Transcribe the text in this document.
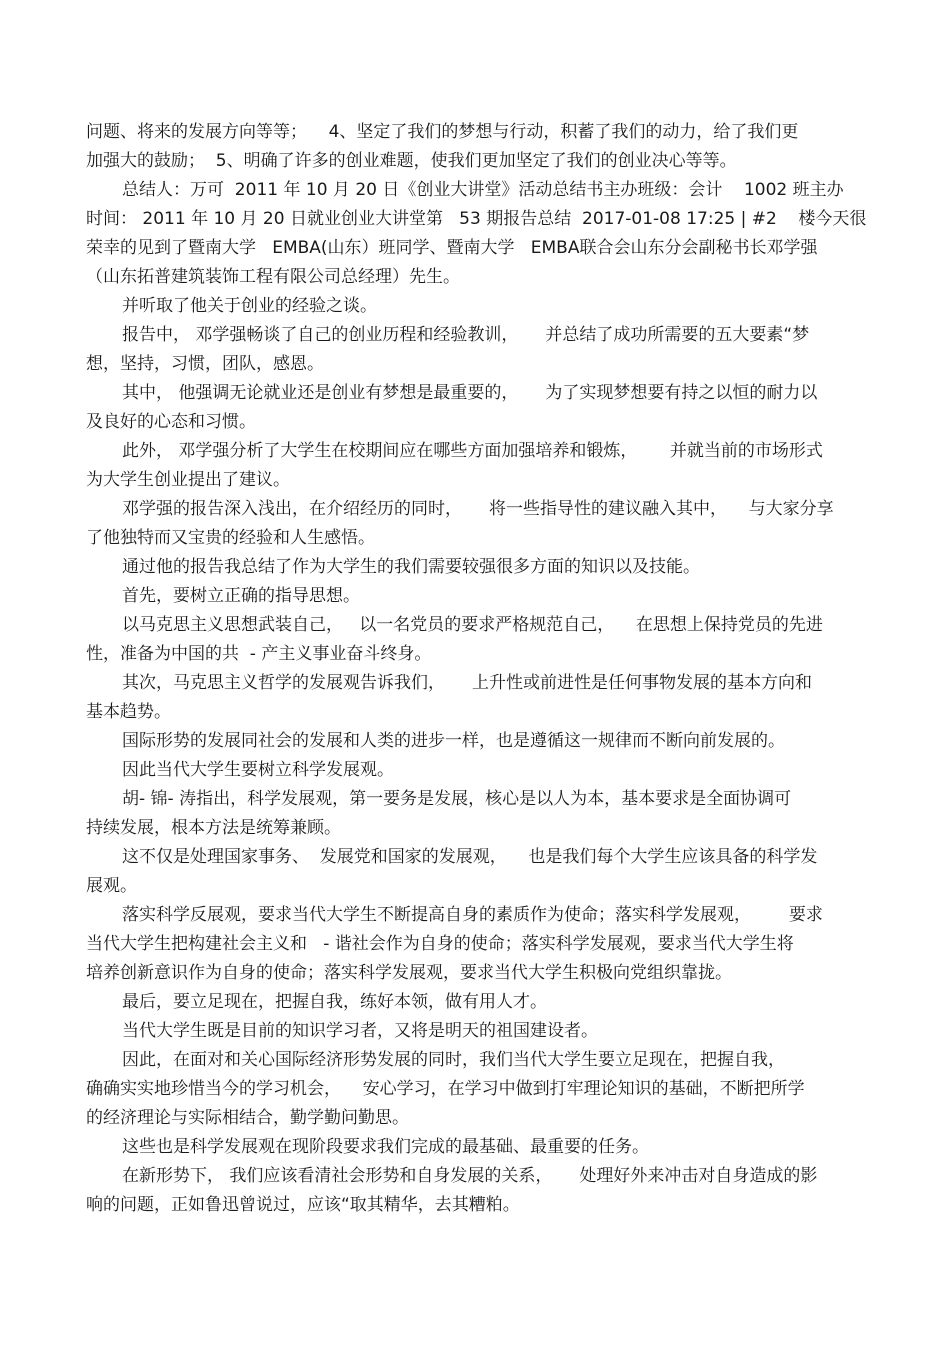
问题、将来的发展方向等等；    4、坚定了我们的梦想与行动，积蓄了我们的动力，给了我们更
加强大的鼓励；  5、明确了许多的创业难题，使我们更加坚定了我们的创业决心等等。
总结人：万可  2011 年 10 月 20 日《创业大讲堂》活动总结书主办班级：会计    1002 班主办
时间： 2011 年 10 月 20 日就业创业大讲堂第   53 期报告总结  2017-01-08 17:25 | #2    楼今天很
荣幸的见到了暨南大学   EMBA(山东）班同学、暨南大学   EMBA联合会山东分会副秘书长邓学强
（山东拓普建筑装饰工程有限公司总经理）先生。
并听取了他关于创业的经验之谈。
报告中， 邓学强畅谈了自己的创业历程和经验教训，     并总结了成功所需要的五大要素“梦
想，坚持，习惯，团队，感恩。
其中， 他强调无论就业还是创业有梦想是最重要的，     为了实现梦想要有持之以恒的耐力以
及良好的心态和习惯。
此外， 邓学强分析了大学生在校期间应在哪些方面加强培养和锻炼，      并就当前的市场形式
为大学生创业提出了建议。
邓学强的报告深入浅出，在介绍经历的同时，     将一些指导性的建议融入其中，    与大家分享
了他独特而又宝贵的经验和人生感悟。
通过他的报告我总结了作为大学生的我们需要较强很多方面的知识以及技能。
首先，要树立正确的指导思想。
以马克思主义思想武装自己，   以一名党员的要求严格规范自己，    在思想上保持党员的先进
性，准备为中国的共  - 产主义事业奋斗终身。
其次，马克思主义哲学的发展观告诉我们，     上升性或前进性是任何事物发展的基本方向和
基本趋势。
国际形势的发展同社会的发展和人类的进步一样，也是遵循这一规律而不断向前发展的。
因此当代大学生要树立科学发展观。
胡- 锦- 涛指出，科学发展观，第一要务是发展，核心是以人为本，基本要求是全面协调可
持续发展，根本方法是统筹兼顾。
这不仅是处理国家事务、  发展党和国家的发展观，    也是我们每个大学生应该具备的科学发
展观。
落实科学反展观，要求当代大学生不断提高自身的素质作为使命；落实科学发展观，       要求
当代大学生把构建社会主义和   - 谐社会作为自身的使命；落实科学发展观，要求当代大学生将
培养创新意识作为自身的使命；落实科学发展观，要求当代大学生积极向党组织靠拢。
最后，要立足现在，把握自我，练好本领，做有用人才。
当代大学生既是目前的知识学习者，又将是明天的祖国建设者。
因此，在面对和关心国际经济形势发展的同时，我们当代大学生要立足现在，把握自我，
确确实实地珍惜当今的学习机会，    安心学习，在学习中做到打牢理论知识的基础，不断把所学
的经济理论与实际相结合，勤学勤问勤思。
这些也是科学发展观在现阶段要求我们完成的最基础、最重要的任务。
在新形势下， 我们应该看清社会形势和自身发展的关系，     处理好外来冲击对自身造成的影
响的问题，正如鲁迅曾说过，应该“取其精华，去其糟粕。
